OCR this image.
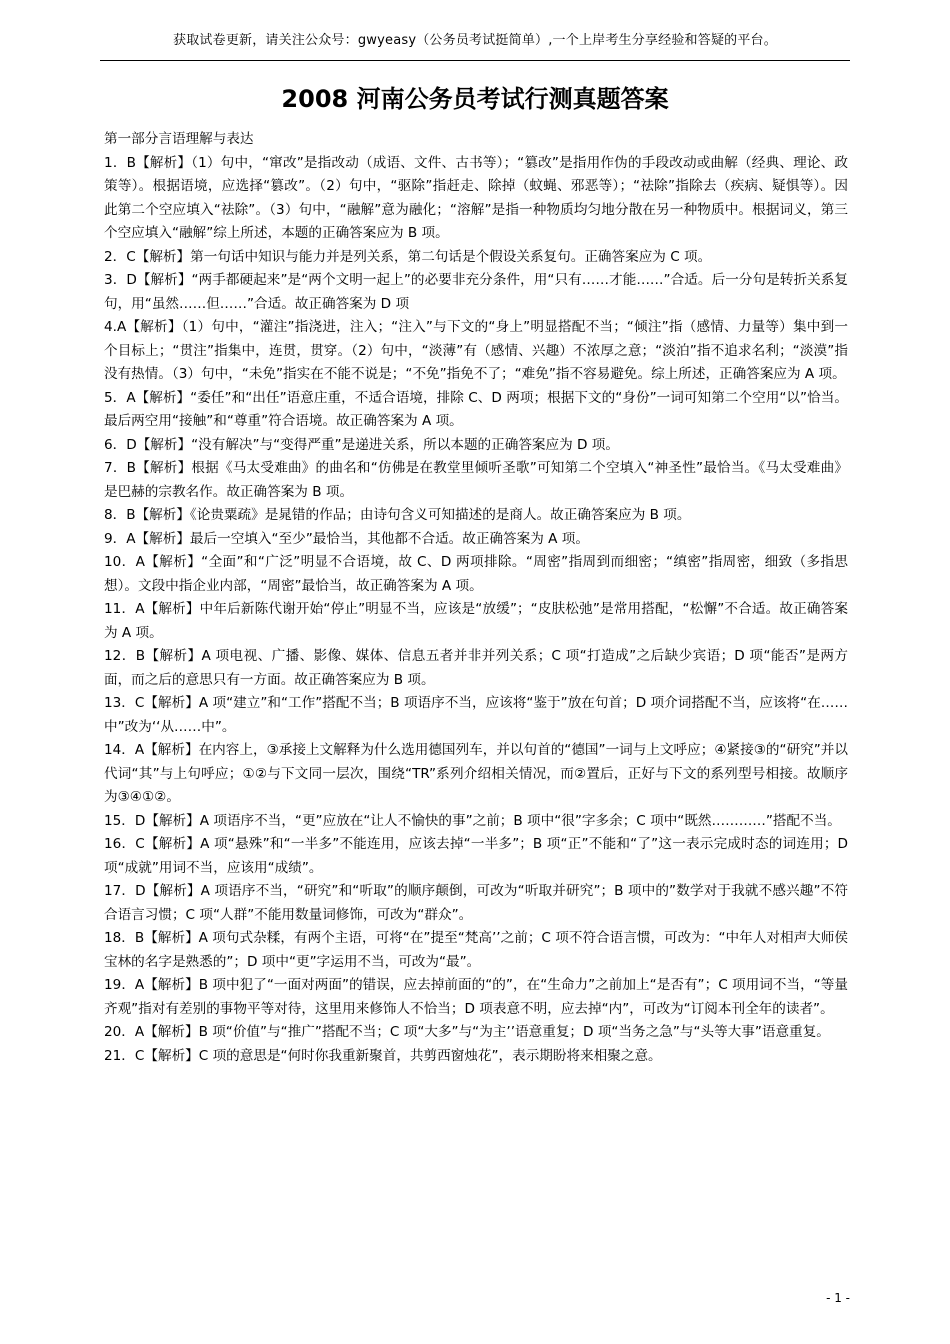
获取试卷更新，请关注公众号：gwyeasy（公务员考试挺简单）,一个上岸考生分享经验和答疑的平台。
2008 河南公务员考试行测真题答案

第一部分言语理解与表达

1．B【解析】（1）句中，“窜改”是指改动（成语、文件、古书等）；“篡改”是指用作伪的手段改动或曲解（经典、理论、政策等）。根据语境，应选择“篡改”。（2）句中，“驱除”指赶走、除掉（蚊蝇、邪恶等）；“祛除”指除去（疾病、疑惧等）。因此第二个空应填入“祛除”。（3）句中，“融解”意为融化；“溶解”是指一种物质均匀地分散在另一种物质中。根据词义，第三个空应填入“融解”综上所述，本题的正确答案应为 B 项。

2．C【解析】第一句话中知识与能力并是列关系，第二句话是个假设关系复句。正确答案应为 C 项。

3．D【解析】“两手都硬起来”是“两个文明一起上”的必要非充分条件，用“只有……才能……”合适。后一分句是转折关系复句，用“虽然……但……”合适。故正确答案为 D 项

4.A【解析】（1）句中，“灌注”指浇进，注入；“注入”与下文的“身上”明显搭配不当；“倾注”指（感情、力量等）集中到一个目标上；“贯注”指集中，连贯，贯穿。（2）句中，“淡薄”有（感情、兴趣）不浓厚之意；“淡泊”指不追求名利；“淡漠”指没有热情。（3）句中，“未免”指实在不能不说是；“不免”指免不了；“难免”指不容易避免。综上所述，正确答案应为 A 项。

5．A【解析】“委任”和“出任”语意庄重，不适合语境，排除 C、D 两项；根据下文的“身份”一词可知第二个空用“以”恰当。最后两空用“接触”和“尊重”符合语境。故正确答案为 A 项。

6．D【解析】“没有解决”与“变得严重”是递进关系，所以本题的正确答案应为 D 项。

7．B【解析】根据《马太受难曲》的曲名和“仿佛是在教堂里倾听圣歌”可知第二个空填入“神圣性”最恰当。《马太受难曲》是巴赫的宗教名作。故正确答案为 B 项。

8．B【解析】《论贵粟疏》是晁错的作品；由诗句含义可知描述的是商人。故正确答案应为 B 项。

9．A【解析】最后一空填入“至少”最恰当，其他都不合适。故正确答案为 A 项。

10．A【解析】“全面”和“广泛”明显不合语境，故 C、D 两项排除。“周密”指周到而细密；“缜密”指周密，细致（多指思想）。文段中指企业内部，“周密”最恰当，故正确答案为 A 项。

11．A【解析】中年后新陈代谢开始“停止”明显不当，应该是“放缓”；“皮肤松弛”是常用搭配，“松懈”不合适。故正确答案为 A 项。

12．B【解析】A 项电视、广播、影像、媒体、信息五者并非并列关系；C 项“打造成”之后缺少宾语；D 项“能否”是两方面，而之后的意思只有一方面。故正确答案应为 B 项。

13．C【解析】A 项“建立”和“工作”搭配不当；B 项语序不当，应该将“鉴于”放在句首；D 项介词搭配不当，应该将“在……中”改为‘‘从……中”。

14．A【解析】在内容上，③承接上文解释为什么选用德国列车，并以句首的“德国”一词与上文呼应；④紧接③的“研究”并以代词“其”与上句呼应；①②与下文同一层次，围绕“TR”系列介绍相关情况，而②置后，正好与下文的系列型号相接。故顺序为③④①②。

15．D【解析】A 项语序不当，“更”应放在“让人不愉快的事”之前；B 项中“很”字多余；C 项中“既然…………”搭配不当。

16．C【解析】A 项“悬殊”和“一半多”不能连用，应该去掉“一半多”；B 项“正”不能和“了”这一表示完成时态的词连用；D 项“成就”用词不当，应该用“成绩”。

17．D【解析】A 项语序不当，“研究”和“听取”的顺序颠倒，可改为“听取并研究”；B 项中的”数学对于我就不感兴趣”不符合语言习惯；C 项“人群”不能用数量词修饰，可改为“群众”。

18．B【解析】A 项句式杂糅，有两个主语，可将“在”提至“梵高’’之前；C 项不符合语言惯，可改为：“中年人对相声大师侯宝林的名字是熟悉的”；D 项中“更”字运用不当，可改为“最”。

19．A【解析】B 项中犯了“一面对两面”的错误，应去掉前面的“的”，在“生命力”之前加上“是否有”；C 项用词不当，“等量齐观”指对有差别的事物平等对待，这里用来修饰人不恰当；D 项表意不明，应去掉“内”，可改为“订阅本刊全年的读者”。

20．A【解析】B 项“价值”与“推广”搭配不当；C 项“大多”与“为主’’语意重复；D 项“当务之急”与“头等大事”语意重复。

21．C【解析】C 项的意思是“何时你我重新聚首，共剪西窗烛花”，表示期盼将来相聚之意。

- 1 -
